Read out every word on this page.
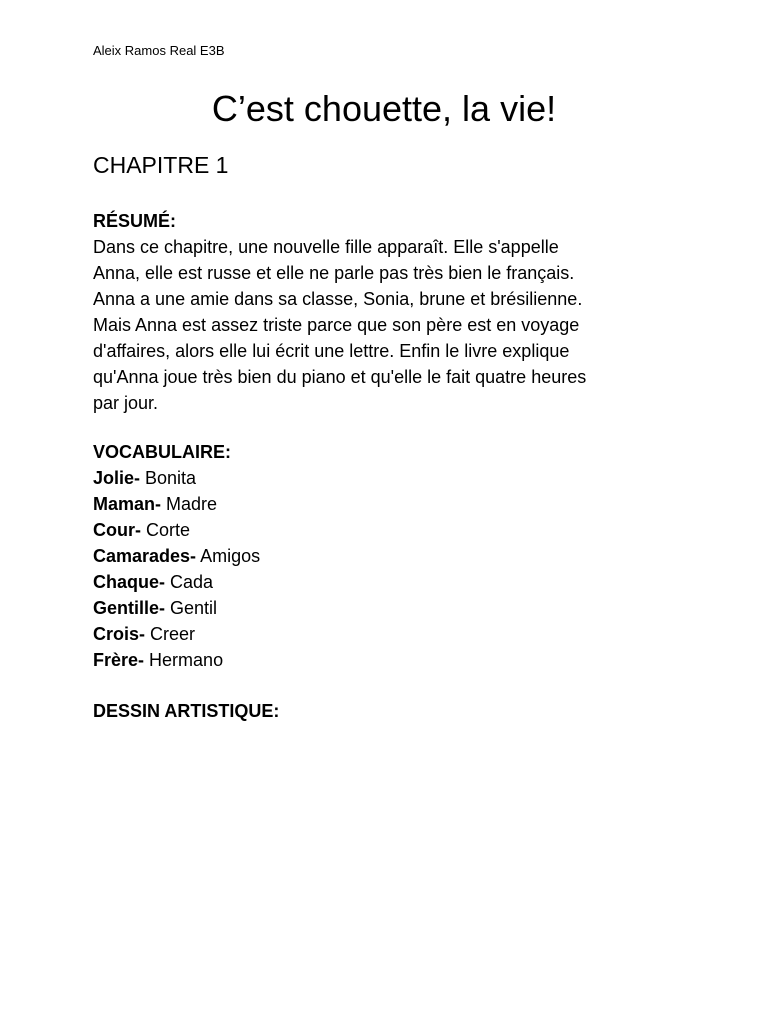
Aleix Ramos Real E3B
C’est chouette, la vie!
CHAPITRE 1
RÉSUMÉ:
Dans ce chapitre, une nouvelle fille apparaît. Elle s'appelle
Anna, elle est russe et elle ne parle pas très bien le français.
Anna a une amie dans sa classe, Sonia, brune et brésilienne.
Mais Anna est assez triste parce que son père est en voyage
d'affaires, alors elle lui écrit une lettre. Enfin le livre explique
qu'Anna joue très bien du piano et qu'elle le fait quatre heures
par jour.
VOCABULAIRE:
Jolie- Bonita
Maman- Madre
Cour- Corte
Camarades- Amigos
Chaque- Cada
Gentille- Gentil
Crois- Creer
Frère- Hermano
DESSIN ARTISTIQUE:
